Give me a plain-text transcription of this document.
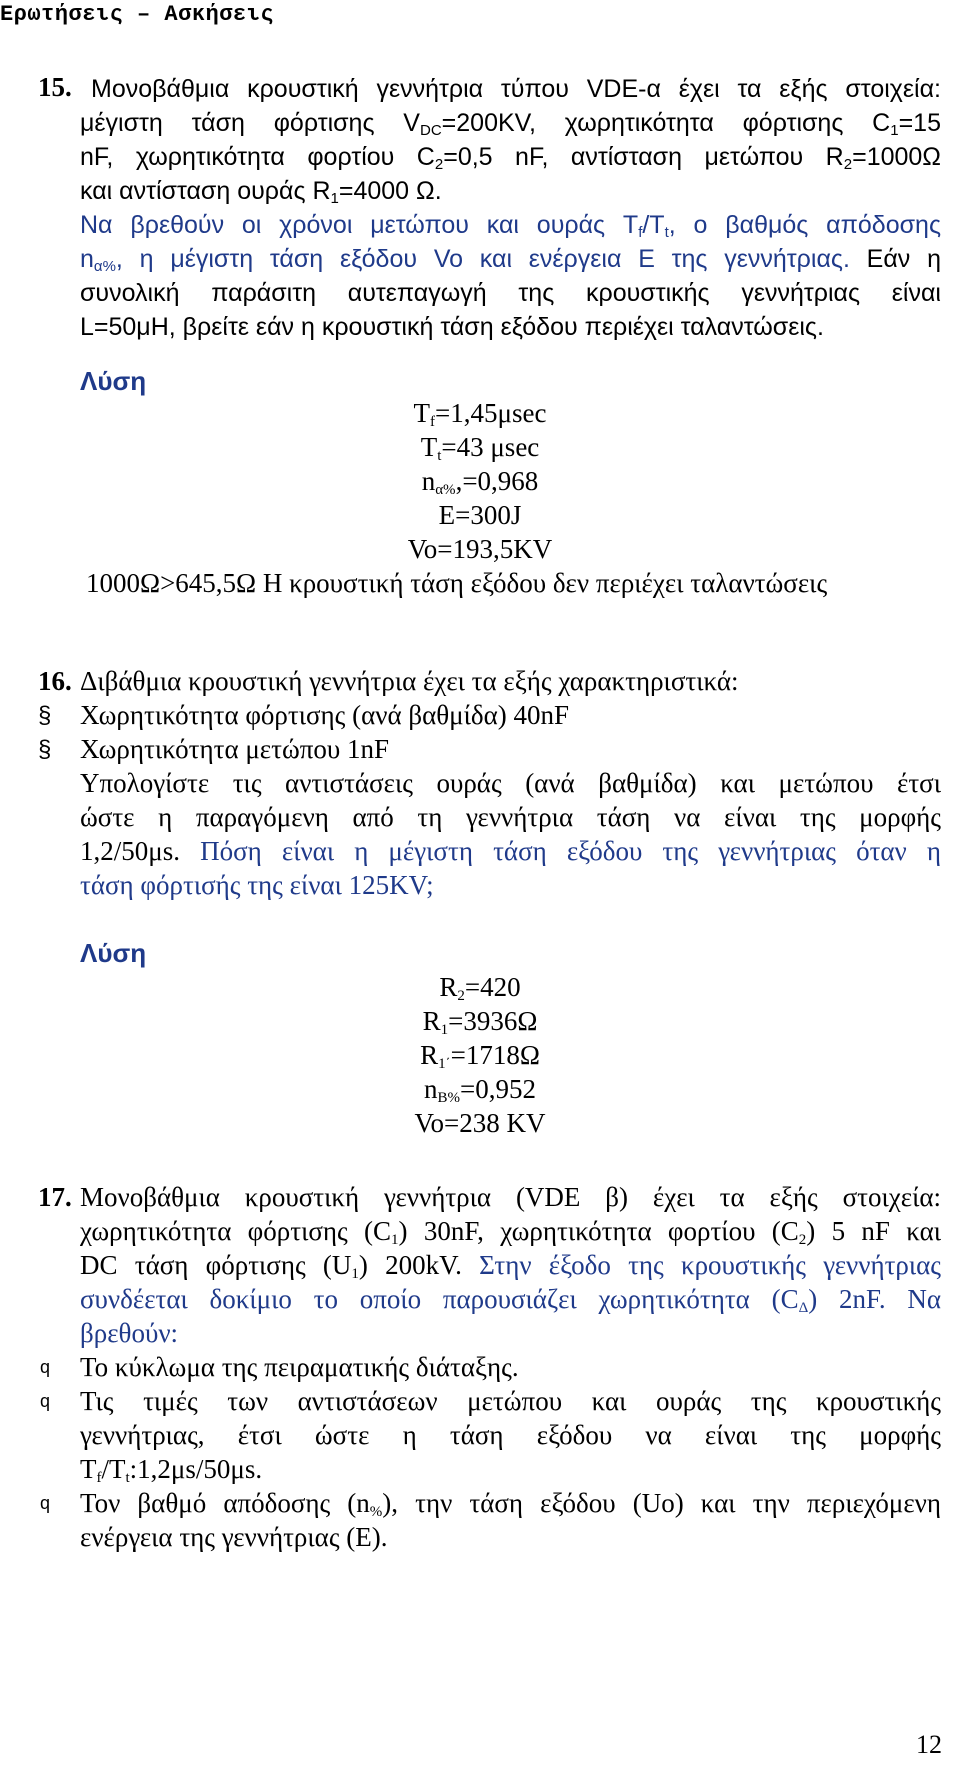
Ερωτήσεις – Ασκήσεις
15. Μονοβάθμια κρουστική γεννήτρια τύπου VDE-α έχει τα εξής στοιχεία:
μέγιστη τάση φόρτισης $V_{DC}=200KV$, χωρητικότητα φόρτισης $C_1=15$
nF, χωρητικότητα φορτίου $C_2=0,5$ nF, αντίσταση μετώπου $R_2=1000\Omega$
και αντίσταση ουράς $R_1=4000$ Ω.
Να βρεθούν οι χρόνοι μετώπου και ουράς $T_f/T_t$, ο βαθμός απόδοσης
$n_{\alpha\%}$, η μέγιστη τάση εξόδου Vo και ενέργεια E της γεννήτριας. Εάν η
συνολική παράσιτη αυτεπαγωγή της κρουστικής γεννήτριας είναι
L=50μH, βρείτε εάν η κρουστική τάση εξόδου περιέχει ταλαντώσεις.
Λύση
$T_f=1,45\mu\sec$
$T_t=43$ μsec
$n_{\alpha\%},=0,968$
E=300J
Vo=193,5KV
1000Ω>645,5Ω Η κρουστική τάση εξόδου δεν περιέχει ταλαντώσεις
16. Διβάθμια κρουστική γεννήτρια έχει τα εξής χαρακτηριστικά:
§ Χωρητικότητα φόρτισης (ανά βαθμίδα) 40nF
§ Χωρητικότητα μετώπου 1nF
Υπολογίστε τις αντιστάσεις ουράς (ανά βαθμίδα) και μετώπου έτσι
ώστε η παραγόμενη από τη γεννήτρια τάση να είναι της μορφής
1,2/50μs. Πόση είναι η μέγιστη τάση εξόδου της γεννήτριας όταν η
τάση φόρτισής της είναι 125KV;
Λύση
$R_2=420$
$R_1=3936\Omega$
$R_{1΄}=1718\Omega$
$n_{B\%}=0,952$
Vo=238 KV
17. Μονοβάθμια κρουστική γεννήτρια (VDE β) έχει τα εξής στοιχεία:
χωρητικότητα φόρτισης $(C_1)$ 30nF, χωρητικότητα φορτίου $(C_2)$ 5 nF και
DC τάση φόρτισης $(U_1)$ 200kV. Στην έξοδο της κρουστικής γεννήτριας
συνδέεται δοκίμιο το οποίο παρουσιάζει χωρητικότητα $(C_\Delta)$ 2nF. Να
βρεθούν:
q Το κύκλωμα της πειραματικής διάταξης.
q Τις τιμές των αντιστάσεων μετώπου και ουράς της κρουστικής
γεννήτριας, έτσι ώστε η τάση εξόδου να είναι της μορφής
$T_f/T_t:1,2\mu s/50\mu s$.
q Τον βαθμό απόδοσης $(n_{\%})$, την τάση εξόδου (Uo) και την περιεχόμενη
ενέργεια της γεννήτριας (E).
12
